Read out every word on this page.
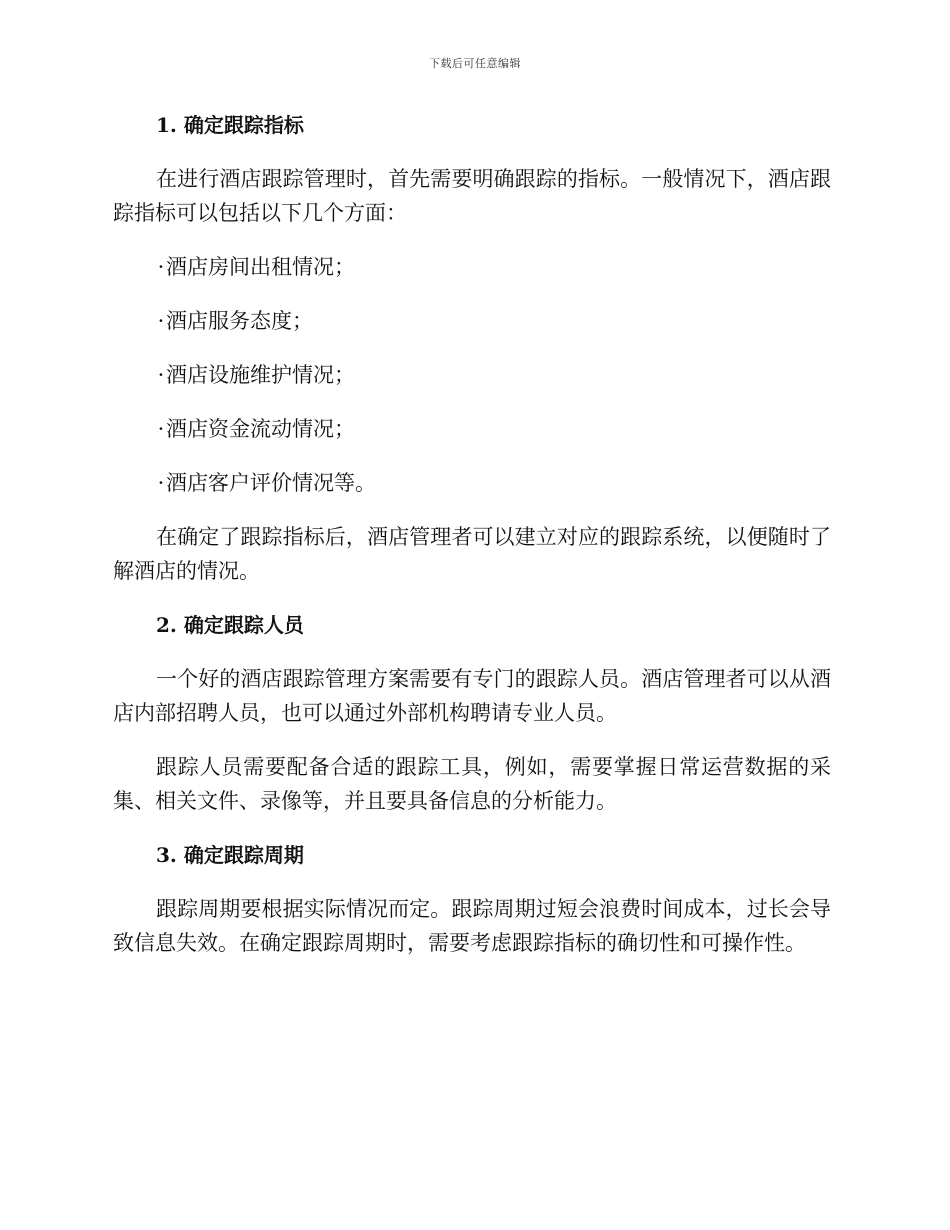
下载后可任意编辑
1. 确定跟踪指标
在进行酒店跟踪管理时，首先需要明确跟踪的指标。一般情况下，酒店跟踪指标可以包括以下几个方面：
·酒店房间出租情况；
·酒店服务态度；
·酒店设施维护情况；
·酒店资金流动情况；
·酒店客户评价情况等。
在确定了跟踪指标后，酒店管理者可以建立对应的跟踪系统，以便随时了解酒店的情况。
2. 确定跟踪人员
一个好的酒店跟踪管理方案需要有专门的跟踪人员。酒店管理者可以从酒店内部招聘人员，也可以通过外部机构聘请专业人员。
跟踪人员需要配备合适的跟踪工具，例如，需要掌握日常运营数据的采集、相关文件、录像等，并且要具备信息的分析能力。
3. 确定跟踪周期
跟踪周期要根据实际情况而定。跟踪周期过短会浪费时间成本，过长会导致信息失效。在确定跟踪周期时，需要考虑跟踪指标的确切性和可操作性。
